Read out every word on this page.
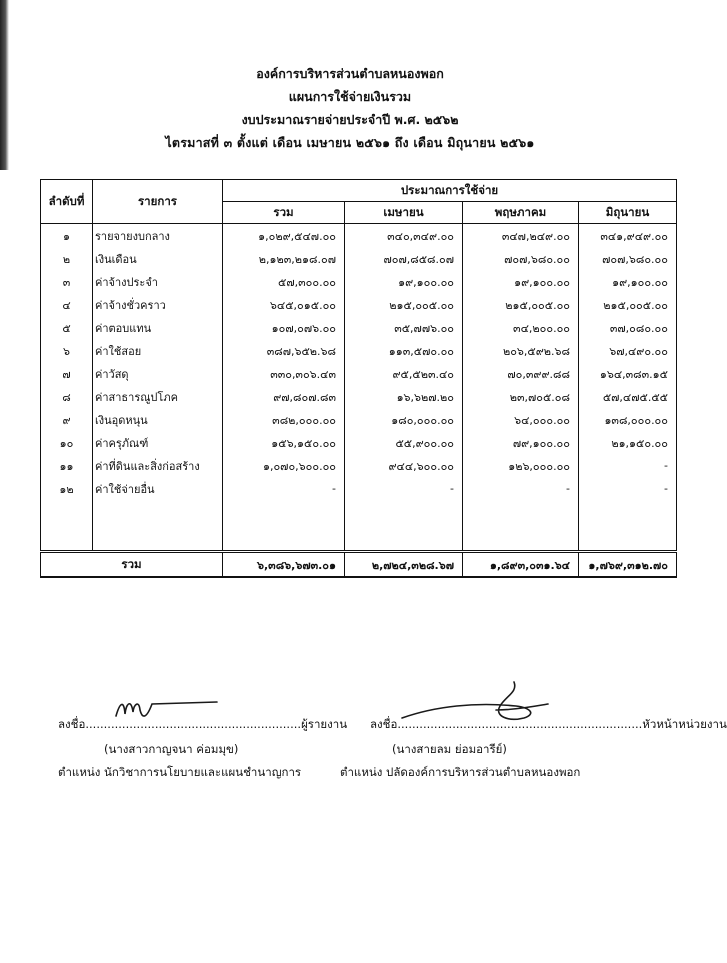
องค์การบริหารส่วนตำบลหนองพอก
แผนการใช้จ่ายเงินรวม
งบประมาณรายจ่ายประจำปี พ.ศ. ๒๕๖๒
ไตรมาสที่ ๓ ตั้งแต่ เดือน เมษายน ๒๕๖๑ ถึง เดือน มิถุนายน ๒๕๖๑
ลำดับที่	รายการ	ประมาณการใช้จ่าย			
		รวม	เมษายน	พฤษภาคม	มิถุนายน
๑	รายจายงบกลาง	๑,๐๒๙,๕๔๗.๐๐	๓๔๐,๓๔๙.๐๐	๓๔๗,๒๔๙.๐๐	๓๔๑,๙๔๙.๐๐
๒	เงินเดือน	๒,๑๒๓,๒๑๘.๐๗	๗๐๗,๘๕๘.๐๗	๗๐๗,๖๘๐.๐๐	๗๐๗,๖๘๐.๐๐
๓	ค่าจ้างประจำ	๕๗,๓๐๐.๐๐	๑๙,๑๐๐.๐๐	๑๙,๑๐๐.๐๐	๑๙,๑๐๐.๐๐
๔	ค่าจ้างชั่วคราว	๖๔๕,๐๑๕.๐๐	๒๑๕,๐๐๕.๐๐	๒๑๕,๐๐๕.๐๐	๒๑๕,๐๐๕.๐๐
๕	ค่าตอบแทน	๑๐๗,๐๗๖.๐๐	๓๕,๗๗๖.๐๐	๓๔,๒๐๐.๐๐	๓๗,๐๘๐.๐๐
๖	ค่าใช้สอย	๓๘๗,๖๕๒.๖๘	๑๑๓,๕๗๐.๐๐	๒๐๖,๕๙๒.๖๘	๖๗,๔๙๐.๐๐
๗	ค่าวัสดุ	๓๓๐,๓๐๖.๔๓	๙๕,๕๒๓.๔๐	๗๐,๓๙๙.๘๘	๑๖๔,๓๘๓.๑๕
๘	ค่าสาธารณูปโภค	๙๗,๘๐๗.๘๓	๑๖,๖๒๗.๒๐	๒๓,๗๐๕.๐๘	๕๗,๔๗๕.๕๕
๙	เงินอุดหนุน	๓๘๒,๐๐๐.๐๐	๑๘๐,๐๐๐.๐๐	๖๔,๐๐๐.๐๐	๑๓๘,๐๐๐.๐๐
๑๐	ค่าครุภัณฑ์	๑๕๖,๑๕๐.๐๐	๕๕,๙๐๐.๐๐	๗๙,๑๐๐.๐๐	๒๑,๑๕๐.๐๐
๑๑	ค่าที่ดินและสิ่งก่อสร้าง	๑,๐๗๐,๖๐๐.๐๐	๙๔๔,๖๐๐.๐๐	๑๒๖,๐๐๐.๐๐	-
๑๒	ค่าใช้จ่ายอื่น	-	-	-	-

รวม		๖,๓๘๖,๖๗๓.๐๑	๒,๗๒๔,๓๒๘.๖๗	๑,๘๙๓,๐๓๑.๖๔	๑,๗๖๙,๓๑๒.๗๐
ลงชื่อ...........................................................ผู้รายงาน
(นางสาวกาญจนา ค่อมมุข)
ตำแหน่ง นักวิชาการนโยบายและแผนชำนาญการ
ลงชื่อ...................................................................หัวหน้าหน่วยงาน
(นางสายลม ย่อมอารีย์)
ตำแหน่ง ปลัดองค์การบริหารส่วนตำบลหนองพอก
